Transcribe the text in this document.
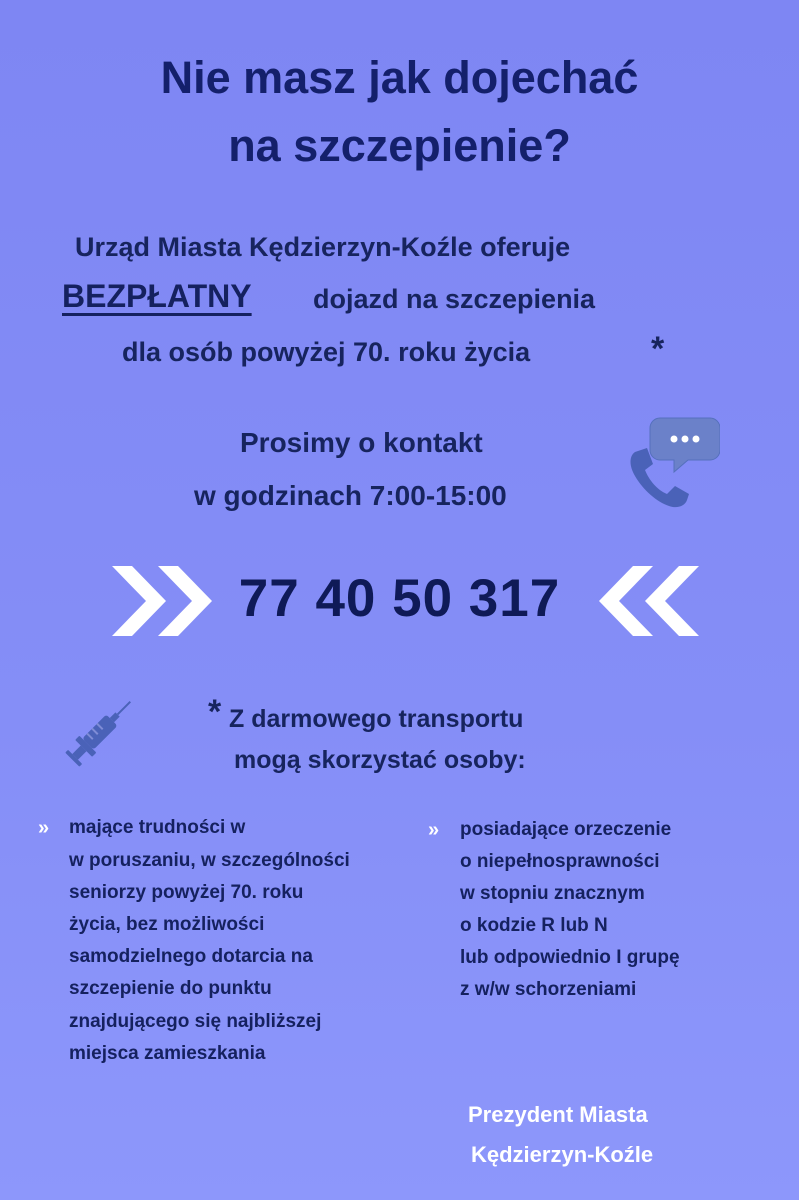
Nie masz jak dojechać
na szczepienie?
Urząd Miasta Kędzierzyn-Koźle oferuje
BEZPŁATNY dojazd na szczepienia
dla osób powyżej 70. roku życia	*
Prosimy o kontakt
w godzinach 7:00-15:00
77 40 50 317
* Z darmowego transportu
mogą skorzystać osoby:
» mające trudności w
w poruszaniu, w szczególności
seniorzy powyżej 70. roku
życia, bez możliwości
samodzielnego dotarcia na
szczepienie do punktu
znajdującego się najbliższej
miejsca zamieszkania
» posiadające orzeczenie
o niepełnosprawności
w stopniu znacznym
o kodzie R lub N
lub odpowiednio I grupę
z w/w schorzeniami
Prezydent Miasta
Kędzierzyn-Koźle
